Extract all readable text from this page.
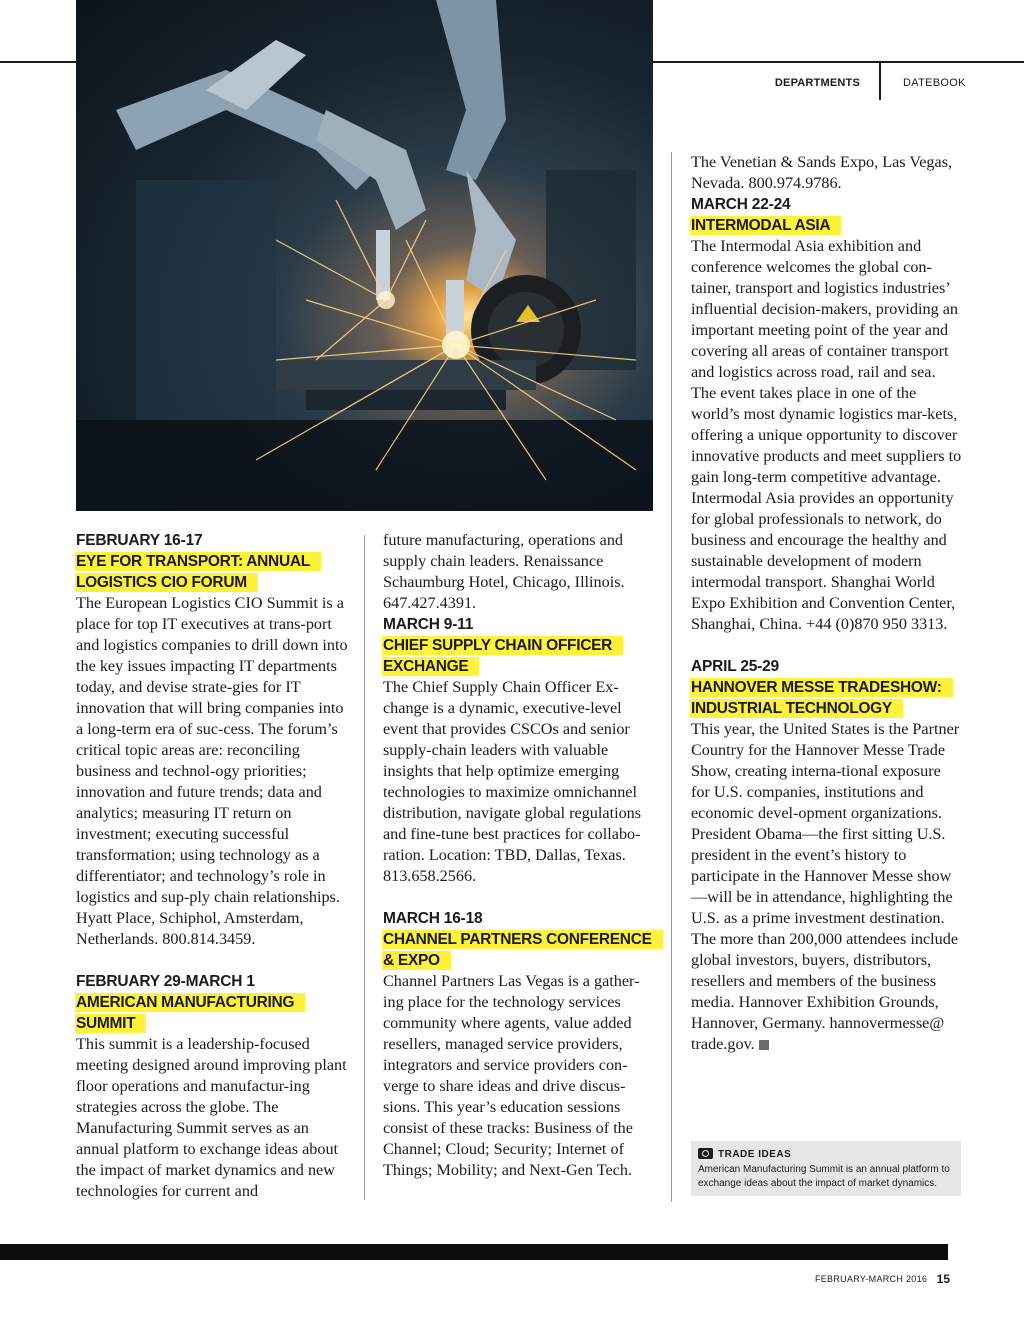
DEPARTMENTS	DATEBOOK
FEBRUARY 16-17
EYE FOR TRANSPORT: ANNUAL LOGISTICS CIO FORUM

The European Logistics CIO Summit is a place for top IT executives at trans-port and logistics companies to drill down into the key issues impacting IT departments today, and devise strate-gies for IT innovation that will bring companies into a long-term era of suc-cess. The forum’s critical topic areas are: reconciling business and technol-ogy priorities; innovation and future trends; data and analytics; measuring IT return on investment; executing successful transformation; using technology as a differentiator; and technology’s role in logistics and sup-ply chain relationships. Hyatt Place, Schiphol, Amsterdam, Netherlands. 800.814.3459.

FEBRUARY 29-MARCH 1
AMERICAN MANUFACTURING SUMMIT

This summit is a leadership-focused meeting designed around improving plant floor operations and manufactur-ing strategies across the globe. The Manufacturing Summit serves as an annual platform to exchange ideas about the impact of market dynamics and new technologies for current and

future manufacturing, operations and supply chain leaders. Renaissance Schaumburg Hotel, Chicago, Illinois. 647.427.4391.

MARCH 9-11
CHIEF SUPPLY CHAIN OFFICER EXCHANGE

The Chief Supply Chain Officer Ex-change is a dynamic, executive-level event that provides CSCOs and senior supply-chain leaders with valuable insights that help optimize emerging technologies to maximize omnichannel distribution, navigate global regulations and fine-tune best practices for collabo-ration. Location: TBD, Dallas, Texas. 813.658.2566.

MARCH 16-18
CHANNEL PARTNERS CONFERENCE & EXPO

Channel Partners Las Vegas is a gather-ing place for the technology services community where agents, value added resellers, managed service providers, integrators and service providers con-verge to share ideas and drive discus-sions. This year’s education sessions consist of these tracks: Business of the Channel; Cloud; Security; Internet of Things; Mobility; and Next-Gen Tech.

The Venetian & Sands Expo, Las Vegas, Nevada. 800.974.9786.

MARCH 22-24
INTERMODAL ASIA

The Intermodal Asia exhibition and conference welcomes the global con-tainer, transport and logistics industries’ influential decision-makers, providing an important meeting point of the year and covering all areas of container transport and logistics across road, rail and sea. The event takes place in one of the world’s most dynamic logistics mar-kets, offering a unique opportunity to discover innovative products and meet suppliers to gain long-term competitive advantage. Intermodal Asia provides an opportunity for global professionals to network, do business and encourage the healthy and sustainable development of modern intermodal transport. Shanghai World Expo Exhibition and Convention Center, Shanghai, China. +44 (0)870 950 3313.

APRIL 25-29
HANNOVER MESSE TRADESHOW: INDUSTRIAL TECHNOLOGY

This year, the United States is the Partner Country for the Hannover Messe Trade Show, creating interna-tional exposure for U.S. companies, institutions and economic devel-opment organizations. President Obama—the first sitting U.S. president in the event’s history to participate in the Hannover Messe show—will be in attendance, highlighting the U.S. as a prime investment destination. The more than 200,000 attendees include global investors, buyers, distributors, resellers and members of the business media. Hannover Exhibition Grounds, Hannover, Germany. hannovermesse@ trade.gov.

TRADE IDEAS
American Manufacturing Summit is an annual platform to exchange ideas about the impact of market dynamics.
FEBRUARY-MARCH 2016 15
